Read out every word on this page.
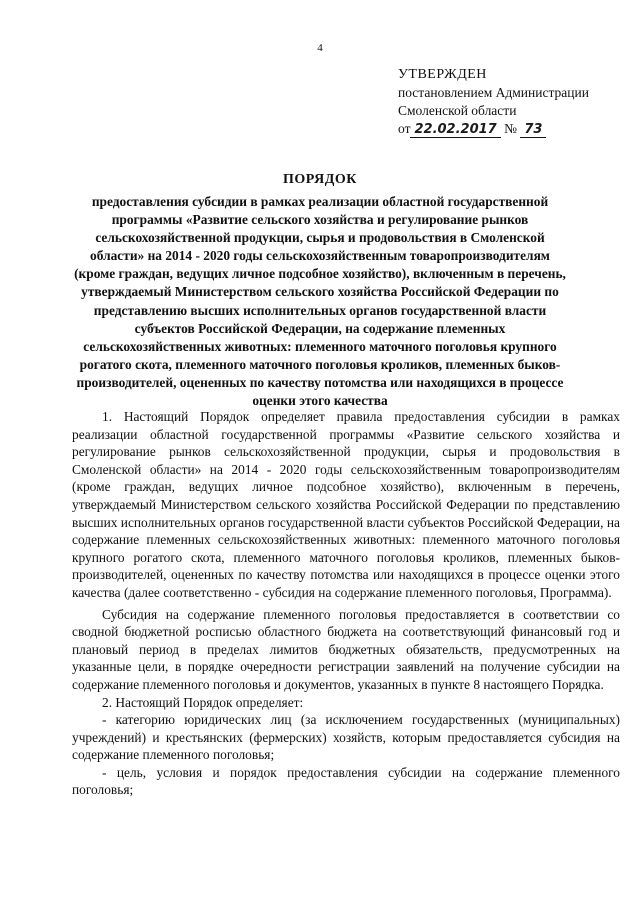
4
УТВЕРЖДЕН
постановлением Администрации
Смоленской области
от 22.02.2017 № 73
ПОРЯДОК
предоставления субсидии в рамках реализации областной государственной программы «Развитие сельского хозяйства и регулирование рынков сельскохозяйственной продукции, сырья и продовольствия в Смоленской области» на 2014 - 2020 годы сельскохозяйственным товаропроизводителям (кроме граждан, ведущих личное подсобное хозяйство), включенным в перечень, утверждаемый Министерством сельского хозяйства Российской Федерации по представлению высших исполнительных органов государственной власти субъектов Российской Федерации, на содержание племенных сельскохозяйственных животных: племенного маточного поголовья крупного рогатого скота, племенного маточного поголовья кроликов, племенных быков-производителей, оцененных по качеству потомства или находящихся в процессе оценки этого качества

1. Настоящий Порядок определяет правила предоставления субсидии в рамках реализации областной государственной программы «Развитие сельского хозяйства и регулирование рынков сельскохозяйственной продукции, сырья и продовольствия в Смоленской области» на 2014 - 2020 годы сельскохозяйственным товаропроизводителям (кроме граждан, ведущих личное подсобное хозяйство), включенным в перечень, утверждаемый Министерством сельского хозяйства Российской Федерации по представлению высших исполнительных органов государственной власти субъектов Российской Федерации, на содержание племенных сельскохозяйственных животных: племенного маточного поголовья крупного рогатого скота, племенного маточного поголовья кроликов, племенных быков-производителей, оцененных по качеству потомства или находящихся в процессе оценки этого качества (далее соответственно - субсидия на содержание племенного поголовья, Программа).

Субсидия на содержание племенного поголовья предоставляется в соответствии со сводной бюджетной росписью областного бюджета на соответствующий финансовый год и плановый период в пределах лимитов бюджетных обязательств, предусмотренных на указанные цели, в порядке очередности регистрации заявлений на получение субсидии на содержание племенного поголовья и документов, указанных в пункте 8 настоящего Порядка.

2. Настоящий Порядок определяет:

- категорию юридических лиц (за исключением государственных (муниципальных) учреждений) и крестьянских (фермерских) хозяйств, которым предоставляется субсидия на содержание племенного поголовья;

- цель, условия и порядок предоставления субсидии на содержание племенного поголовья;
